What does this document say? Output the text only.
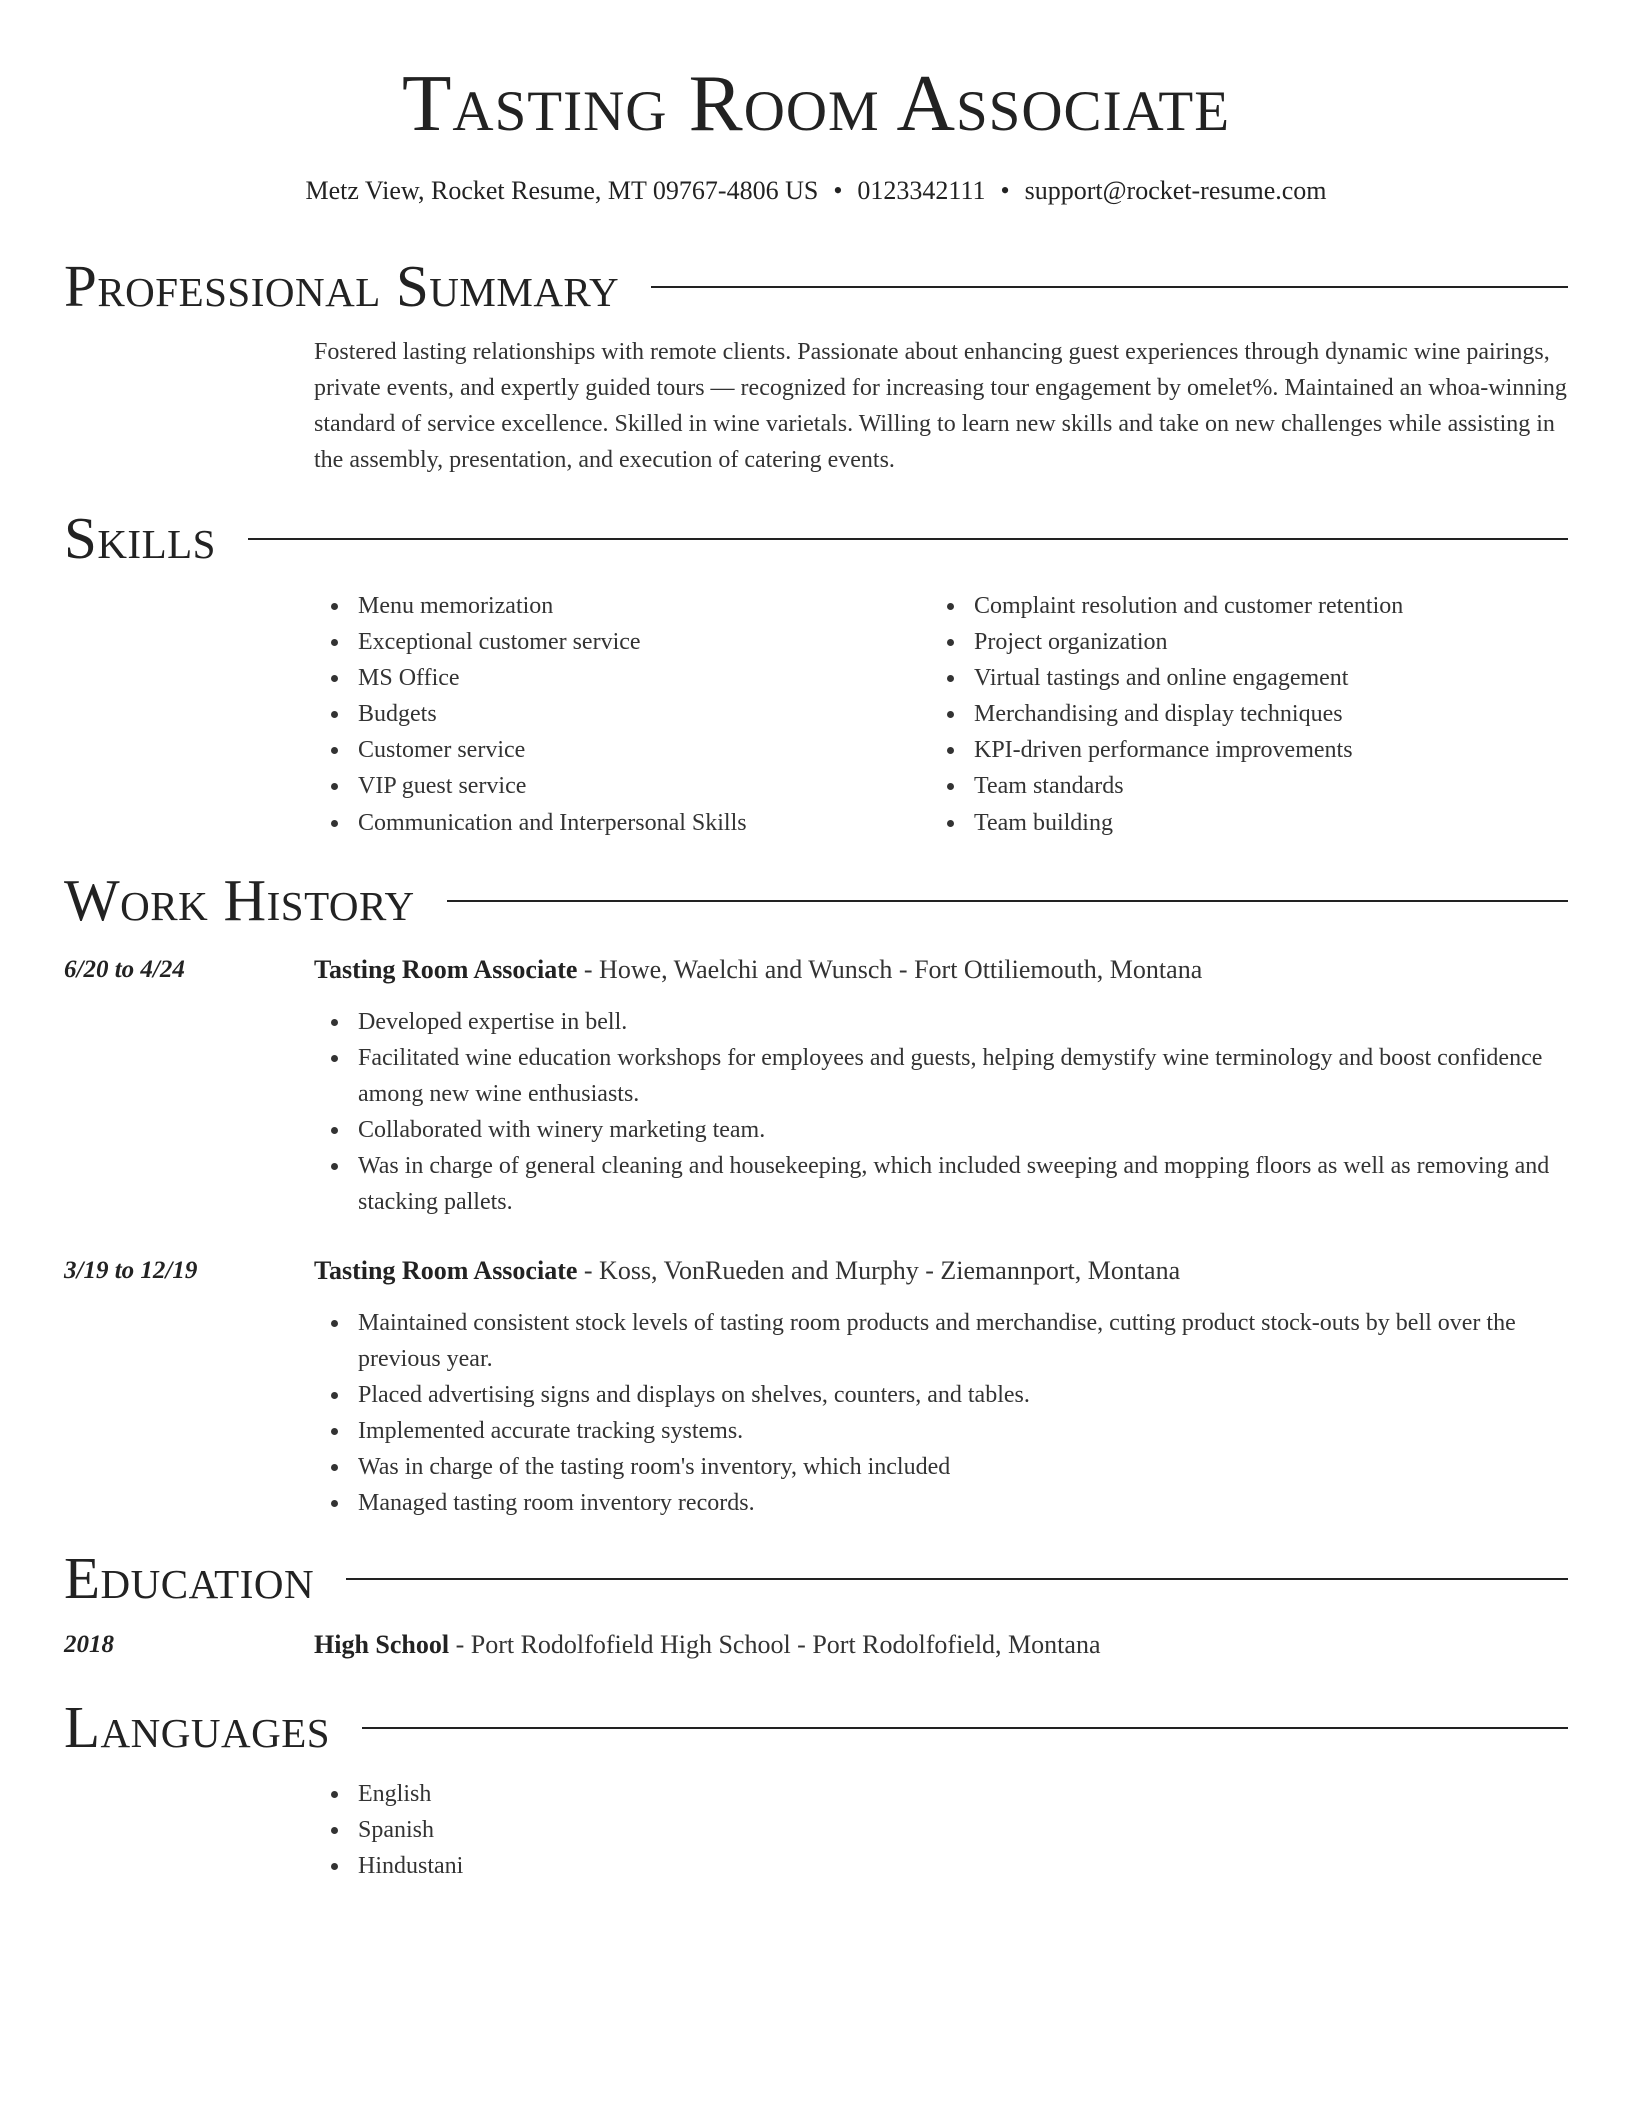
Tasting Room Associate
Metz View, Rocket Resume, MT 09767-4806 US • 0123342111 • support@rocket-resume.com
Professional Summary
Fostered lasting relationships with remote clients. Passionate about enhancing guest experiences through dynamic wine pairings, private events, and expertly guided tours — recognized for increasing tour engagement by omelet%. Maintained an whoa-winning standard of service excellence. Skilled in wine varietals. Willing to learn new skills and take on new challenges while assisting in the assembly, presentation, and execution of catering events.
Skills
Menu memorization
Exceptional customer service
MS Office
Budgets
Customer service
VIP guest service
Communication and Interpersonal Skills
Complaint resolution and customer retention
Project organization
Virtual tastings and online engagement
Merchandising and display techniques
KPI-driven performance improvements
Team standards
Team building
Work History
6/20 to 4/24	Tasting Room Associate - Howe, Waelchi and Wunsch - Fort Ottiliemouth, Montana
Developed expertise in bell.
Facilitated wine education workshops for employees and guests, helping demystify wine terminology and boost confidence among new wine enthusiasts.
Collaborated with winery marketing team.
Was in charge of general cleaning and housekeeping, which included sweeping and mopping floors as well as removing and stacking pallets.
3/19 to 12/19	Tasting Room Associate - Koss, VonRueden and Murphy - Ziemannport, Montana
Maintained consistent stock levels of tasting room products and merchandise, cutting product stock-outs by bell over the previous year.
Placed advertising signs and displays on shelves, counters, and tables.
Implemented accurate tracking systems.
Was in charge of the tasting room's inventory, which included
Managed tasting room inventory records.
Education
2018	High School - Port Rodolfofield High School - Port Rodolfofield, Montana
Languages
English
Spanish
Hindustani
